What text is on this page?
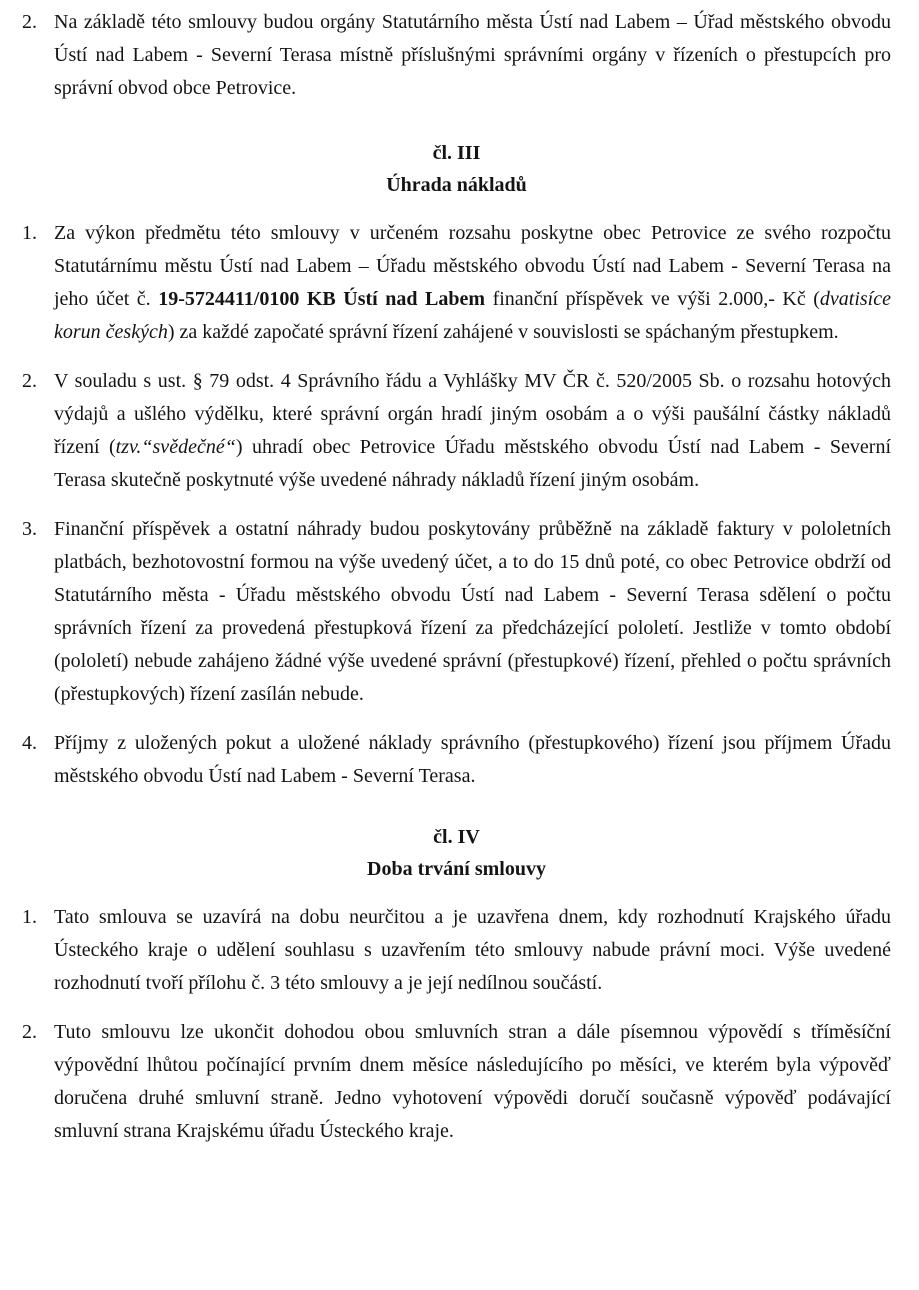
2. Na základě této smlouvy budou orgány Statutárního města Ústí nad Labem – Úřad městského obvodu Ústí nad Labem - Severní Terasa místně příslušnými správními orgány v řízeních o přestupcích pro správní obvod obce Petrovice.
čl. III
Úhrada nákladů
1. Za výkon předmětu této smlouvy v určeném rozsahu poskytne obec Petrovice ze svého rozpočtu Statutárnímu městu Ústí nad Labem – Úřadu městského obvodu Ústí nad Labem - Severní Terasa na jeho účet č. 19-5724411/0100 KB Ústí nad Labem finanční příspěvek ve výši 2.000,- Kč (dvatisíce korun českých) za každé započaté správní řízení zahájené v souvislosti se spáchaným přestupkem.
2. V souladu s ust. § 79 odst. 4 Správního řádu a Vyhlášky MV ČR č. 520/2005 Sb. o rozsahu hotových výdajů a ušlého výdělku, které správní orgán hradí jiným osobám a o výši paušální částky nákladů řízení (tzv.“svědečné“) uhradí obec Petrovice Úřadu městského obvodu Ústí nad Labem - Severní Terasa skutečně poskytnuté výše uvedené náhrady nákladů řízení jiným osobám.
3. Finanční příspěvek a ostatní náhrady budou poskytovány průběžně na základě faktury v pololetních platbách, bezhotovostní formou na výše uvedený účet, a to do 15 dnů poté, co obec Petrovice obdrží od Statutárního města - Úřadu městského obvodu Ústí nad Labem - Severní Terasa sdělení o počtu správních řízení za provedená přestupková řízení za předcházející pololetí. Jestliže v tomto období (pololetí) nebude zahájeno žádné výše uvedené správní (přestupkové) řízení, přehled o počtu správních (přestupkových) řízení zasílán nebude.
4. Příjmy z uložených pokut a uložené náklady správního (přestupkového) řízení jsou příjmem Úřadu městského obvodu Ústí nad Labem - Severní Terasa.
čl. IV
Doba trvání smlouvy
1. Tato smlouva se uzavírá na dobu neurčitou a je uzavřena dnem, kdy rozhodnutí Krajského úřadu Ústeckého kraje o udělení souhlasu s uzavřením této smlouvy nabude právní moci. Výše uvedené rozhodnutí tvoří přílohu č. 3 této smlouvy a je její nedílnou součástí.
2. Tuto smlouvu lze ukončit dohodou obou smluvních stran a dále písemnou výpovědí s tříměsíční výpovědní lhůtou počínající prvním dnem měsíce následujícího po měsíci, ve kterém byla výpověď doručena druhé smluvní straně. Jedno vyhotovení výpovědi doručí současně výpověď podávající smluvní strana Krajskému úřadu Ústeckého kraje.
